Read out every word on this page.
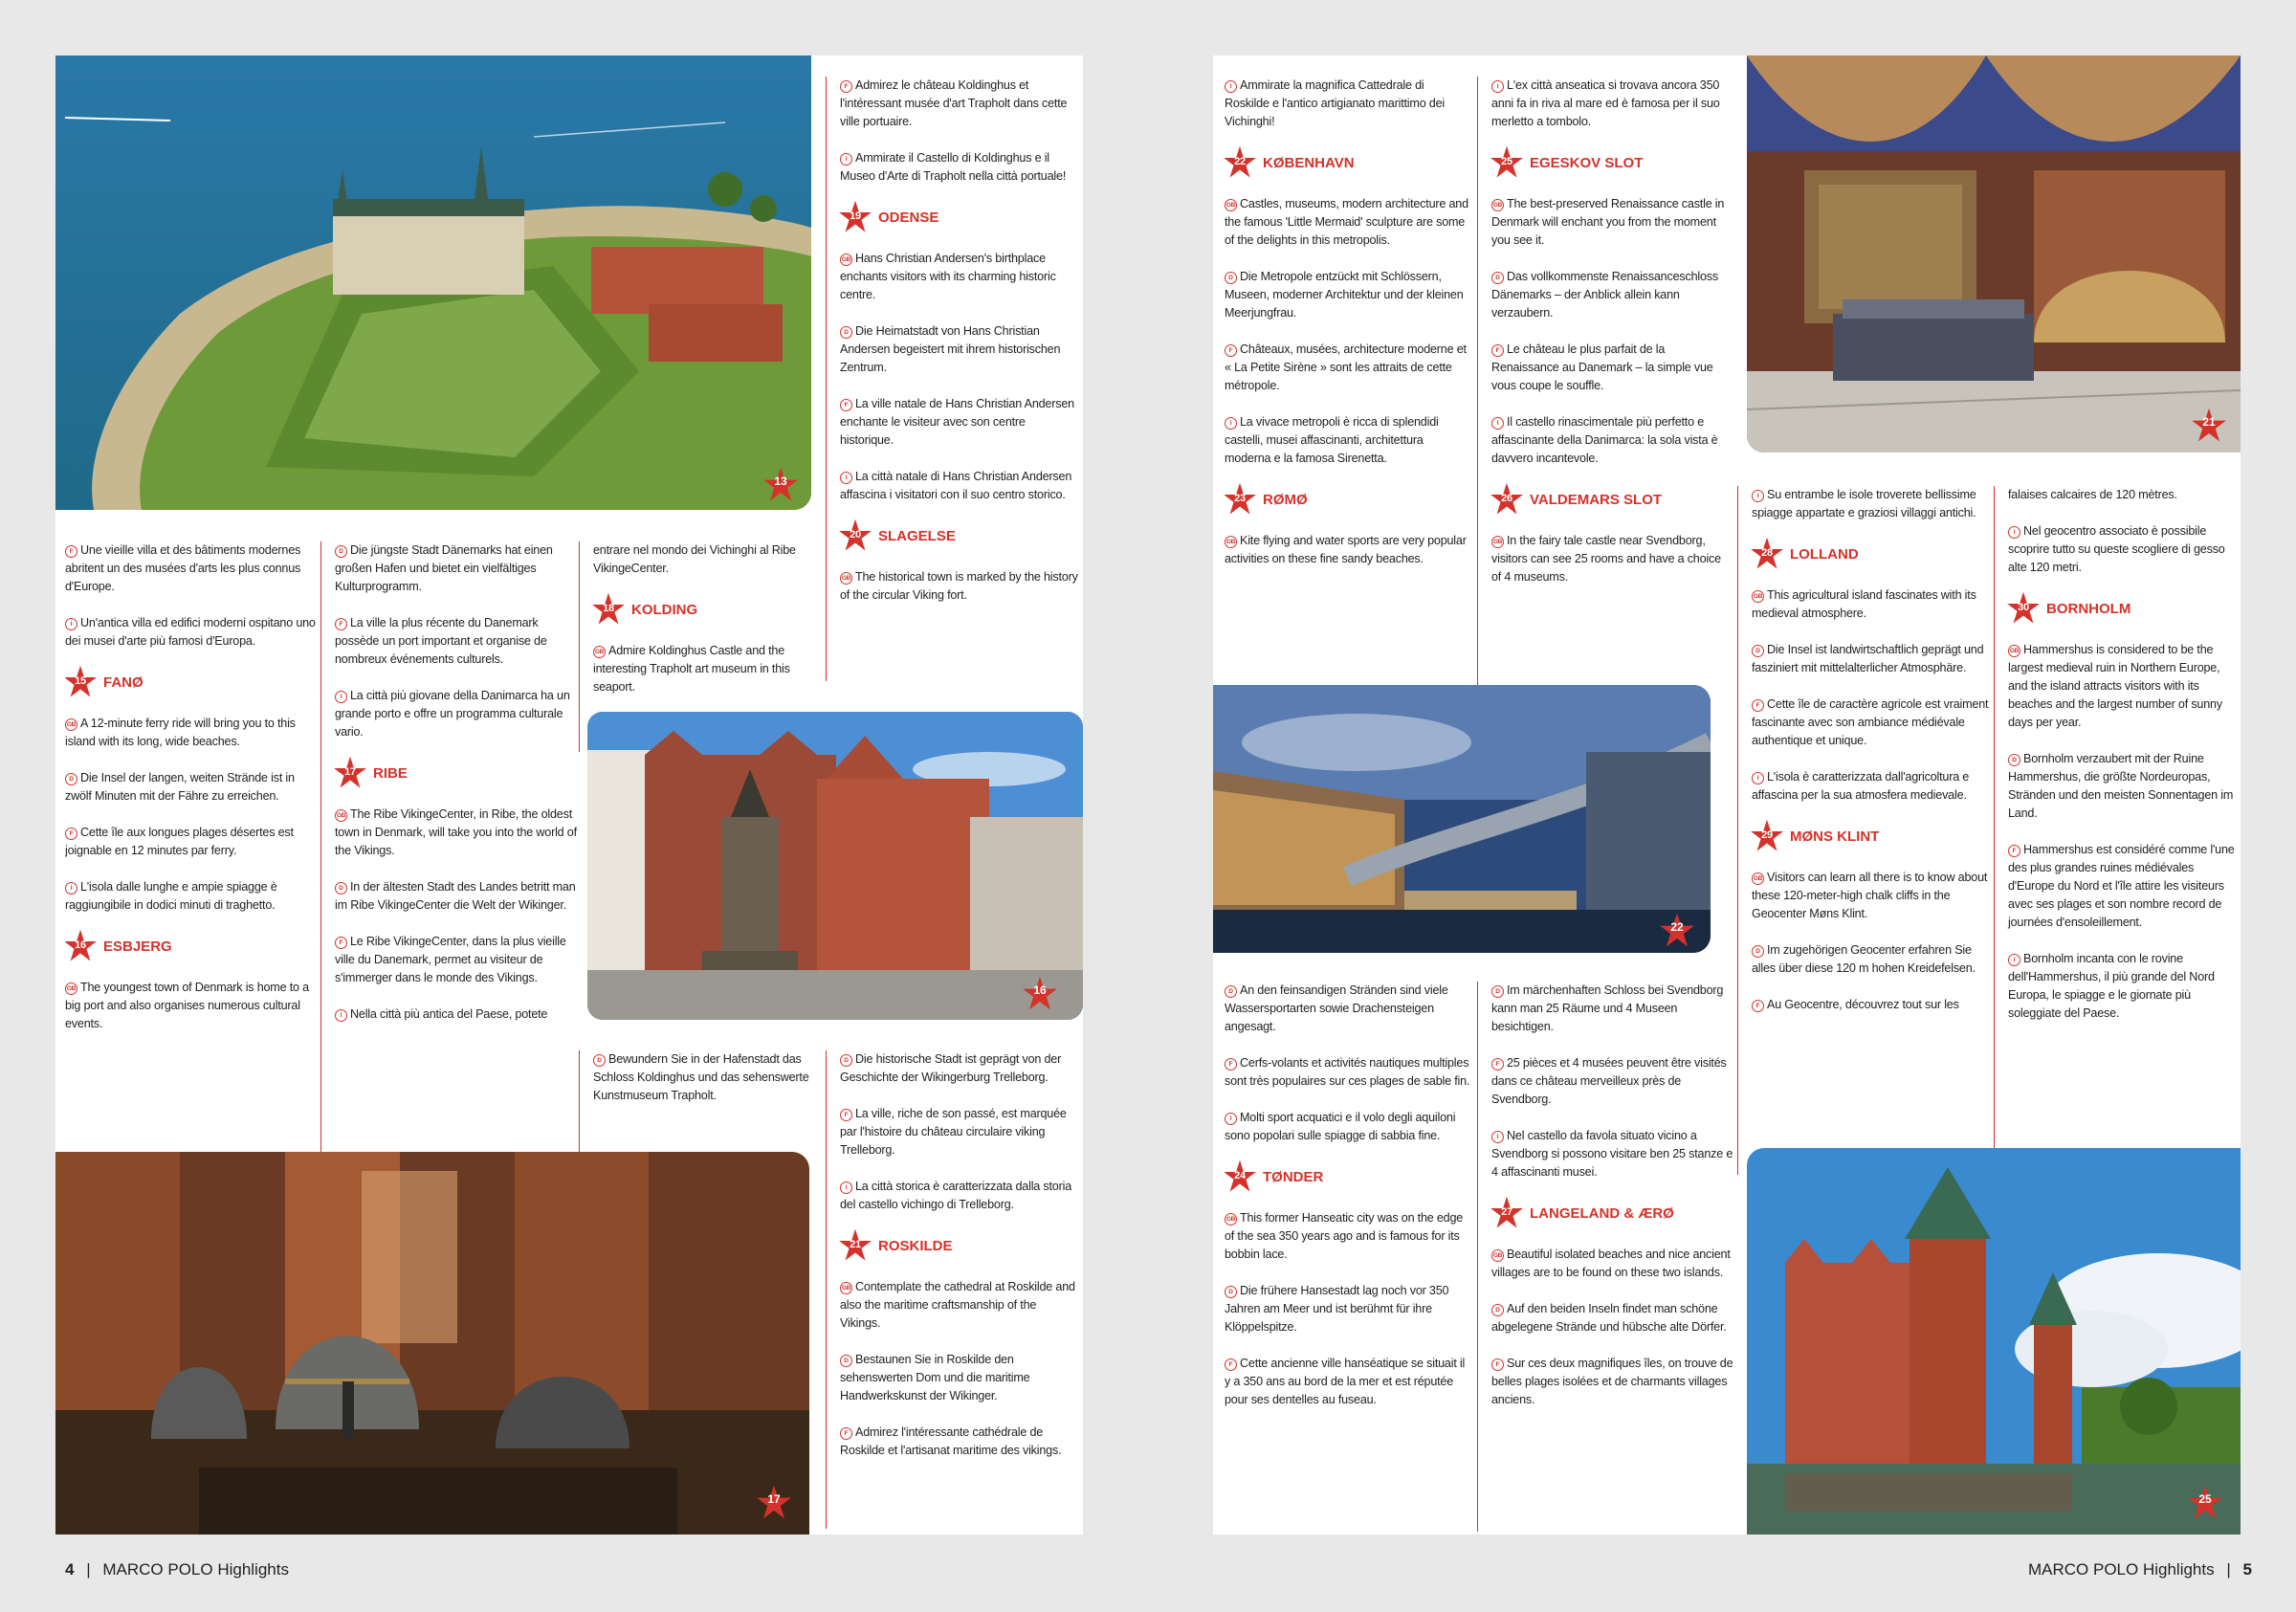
13

F Une vieille villa et des bâtiments modernes abritent un des musées d'arts les plus connus d'Europe.

I Un'antica villa ed edifici moderni ospitano uno dei musei d'arte più famosi d'Europa.

15	FANØ

GB A 12-minute ferry ride will bring you to this island with its long, wide beaches.

D Die Insel der langen, weiten Strände ist in zwölf Minuten mit der Fähre zu erreichen.

F Cette île aux longues plages désertes est joignable en 12 minutes par ferry.

I L'isola dalle lunghe e ampie spiagge è raggiungibile in dodici minuti di traghetto.

16	ESBJERG

GB The youngest town of Denmark is home to a big port and also organises numerous cultural events.

D Die jüngste Stadt Dänemarks hat einen großen Hafen und bietet ein vielfältiges Kulturprogramm.

F La ville la plus récente du Danemark possède un port important et organise de nombreux événements culturels.

I La città più giovane della Danimarca ha un grande porto e offre un programma culturale vario.

17	RIBE

GB The Ribe VikingeCenter, in Ribe, the oldest town in Denmark, will take you into the world of the Vikings.

D In der ältesten Stadt des Landes betritt man im Ribe VikingeCenter die Welt der Wikinger.

F Le Ribe VikingeCenter, dans la plus vieille ville du Danemark, permet au visiteur de s'immerger dans le monde des Vikings.

I Nella città più antica del Paese, potete

entrare nel mondo dei Vichinghi al Ribe VikingeCenter.

18	KOLDING

GB Admire Koldinghus Castle and the interesting Trapholt art museum in this seaport.

D Bewundern Sie in der Hafenstadt das Schloss Koldinghus und das sehenswerte Kunstmuseum Trapholt.

16

F Admirez le château Koldinghus et l'intéressant musée d'art Trapholt dans cette ville portuaire.

I Ammirate il Castello di Koldinghus e il Museo d'Arte di Trapholt nella città portuale!

19	ODENSE

GB Hans Christian Andersen's birthplace enchants visitors with its charming historic centre.

D Die Heimatstadt von Hans Christian Andersen begeistert mit ihrem historischen Zentrum.

F La ville natale de Hans Christian Andersen enchante le visiteur avec son centre historique.

I La città natale di Hans Christian Andersen affascina i visitatori con il suo centro storico.

20	SLAGELSE

GB The historical town is marked by the history of the circular Viking fort.

D Die historische Stadt ist geprägt von der Geschichte der Wikingerburg Trelleborg.

F La ville, riche de son passé, est marquée par l'histoire du château circulaire viking Trelleborg.

I La città storica è caratterizzata dalla storia del castello vichingo di Trelleborg.

21	ROSKILDE

GB Contemplate the cathedral at Roskilde and also the maritime craftsmanship of the Vikings.

D Bestaunen Sie in Roskilde den sehenswerten Dom und die maritime Handwerkskunst der Wikinger.

F Admirez l'intéressante cathédrale de Roskilde et l'artisanat maritime des vikings.

17

I Ammirate la magnifica Cattedrale di Roskilde e l'antico artigianato marittimo dei Vichinghi!

22	KØBENHAVN

GB Castles, museums, modern architecture and the famous 'Little Mermaid' sculpture are some of the delights in this metropolis.

D Die Metropole entzückt mit Schlössern, Museen, moderner Architektur und der kleinen Meerjungfrau.

F Châteaux, musées, architecture moderne et « La Petite Sirène » sont les attraits de cette métropole.

I La vivace metropoli è ricca di splendidi castelli, musei affascinanti, architettura moderna e la famosa Sirenetta.

23	RØMØ

GB Kite flying and water sports are very popular activities on these fine sandy beaches.

D An den feinsandigen Stränden sind viele Wassersportarten sowie Drachensteigen angesagt.

F Cerfs-volants et activités nautiques multiples sont très populaires sur ces plages de sable fin.

I Molti sport acquatici e il volo degli aquiloni sono popolari sulle spiagge di sabbia fine.

24	TØNDER

GB This former Hanseatic city was on the edge of the sea 350 years ago and is famous for its bobbin lace.

D Die frühere Hansestadt lag noch vor 350 Jahren am Meer und ist berühmt für ihre Klöppelspitze.

F Cette ancienne ville hanséatique se situait il y a 350 ans au bord de la mer et est réputée pour ses dentelles au fuseau.

I L'ex città anseatica si trovava ancora 350 anni fa in riva al mare ed è famosa per il suo merletto a tombolo.

25	EGESKOV SLOT

GB The best-preserved Renaissance castle in Denmark will enchant you from the moment you see it.

D Das vollkommenste Renaissanceschloss Dänemarks – der Anblick allein kann verzaubern.

F Le château le plus parfait de la Renaissance au Danemark – la simple vue vous coupe le souffle.

I Il castello rinascimentale più perfetto e affascinante della Danimarca: la sola vista è davvero incantevole.

26	VALDEMARS SLOT

GB In the fairy tale castle near Svendborg, visitors can see 25 rooms and have a choice of 4 museums.

D Im märchenhaften Schloss bei Svendborg kann man 25 Räume und 4 Museen besichtigen.

F 25 pièces et 4 musées peuvent être visités dans ce château merveilleux près de Svendborg.

I Nel castello da favola situato vicino a Svendborg si possono visitare ben 25 stanze e 4 affascinanti musei.

27	LANGELAND & ÆRØ

GB Beautiful isolated beaches and nice ancient villages are to be found on these two islands.

D Auf den beiden Inseln findet man schöne abgelegene Strände und hübsche alte Dörfer.

F Sur ces deux magnifiques îles, on trouve de belles plages isolées et de charmants villages anciens.

22
21

I Su entrambe le isole troverete bellissime spiagge appartate e graziosi villaggi antichi.

28	LOLLAND

GB This agricultural island fascinates with its medieval atmosphere.

D Die Insel ist landwirtschaftlich geprägt und fasziniert mit mittelalterlicher Atmosphäre.

F Cette île de caractère agricole est vraiment fascinante avec son ambiance médiévale authentique et unique.

I L'isola è caratterizzata dall'agricoltura e affascina per la sua atmosfera medievale.

29	MØNS KLINT

GB Visitors can learn all there is to know about these 120-meter-high chalk cliffs in the Geocenter Møns Klint.

D Im zugehörigen Geocenter erfahren Sie alles über diese 120 m hohen Kreidefelsen.

F Au Geocentre, découvrez tout sur les

falaises calcaires de 120 mètres.

I Nel geocentro associato è possibile scoprire tutto su queste scogliere di gesso alte 120 metri.

30	BORNHOLM

GB Hammershus is considered to be the largest medieval ruin in Northern Europe, and the island attracts visitors with its beaches and the largest number of sunny days per year.

D Bornholm verzaubert mit der Ruine Hammershus, die größte Nordeuropas, Stränden und den meisten Sonnentagen im Land.

F Hammershus est considéré comme l'une des plus grandes ruines médiévales d'Europe du Nord et l'île attire les visiteurs avec ses plages et son nombre record de journées d'ensoleillement.

I Bornholm incanta con le rovine dell'Hammershus, il più grande del Nord Europa, le spiagge e le giornate più soleggiate del Paese.

25
4 | MARCO POLO Highlights	MARCO POLO Highlights | 5
